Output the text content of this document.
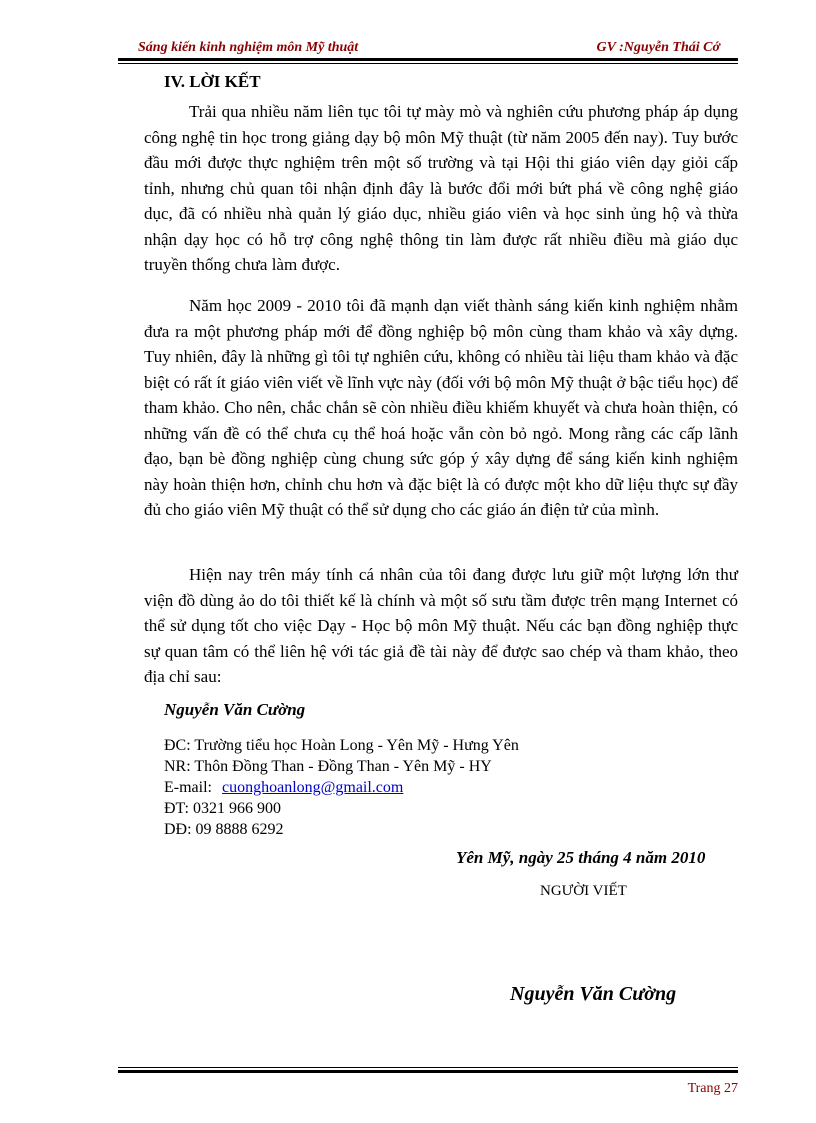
Sáng kiến kinh nghiệm môn Mỹ thuật	GV :Nguyễn Thái Cớ
IV. LỜI KẾT

Trải qua nhiều năm liên tục tôi tự mày mò và nghiên cứu phương pháp áp dụng công nghệ tin học trong giảng dạy bộ môn Mỹ thuật (từ năm 2005 đến nay). Tuy bước đầu mới được thực nghiệm trên một số trường và tại Hội thi giáo viên dạy giỏi cấp tỉnh, nhưng chủ quan tôi nhận định đây là bước đổi mới bứt phá về công nghệ giáo dục, đã có nhiều nhà quản lý giáo dục, nhiều giáo viên và học sinh ủng hộ và thừa nhận dạy học có hỗ trợ công nghệ thông tin làm được rất nhiều điều mà giáo dục truyền thống chưa làm được.

Năm học 2009 - 2010 tôi đã mạnh dạn viết thành sáng kiến kinh nghiệm nhằm đưa ra một phương pháp mới để đồng nghiệp bộ môn cùng tham khảo và xây dựng. Tuy nhiên, đây là những gì tôi tự nghiên cứu, không có nhiều tài liệu tham khảo và đặc biệt có rất ít giáo viên viết về lĩnh vực này (đối với bộ môn Mỹ thuật ở bậc tiểu học) để tham khảo. Cho nên, chắc chắn sẽ còn nhiều điều khiếm khuyết và chưa hoàn thiện, có những vấn đề có thể chưa cụ thể hoá hoặc vẫn còn bỏ ngỏ. Mong rằng các cấp lãnh đạo, bạn bè đồng nghiệp cùng chung sức góp ý xây dựng để sáng kiến kinh nghiệm này hoàn thiện hơn, chỉnh chu hơn và đặc biệt là có được một kho dữ liệu thực sự đầy đủ cho giáo viên Mỹ thuật có thể sử dụng cho các giáo án điện tử của mình.

Hiện nay trên máy tính cá nhân của tôi đang được lưu giữ một lượng lớn thư viện đồ dùng ảo do tôi thiết kế là chính và một số sưu tầm được trên mạng Internet có thể sử dụng tốt cho việc Dạy - Học bộ môn Mỹ thuật. Nếu các bạn đồng nghiệp thực sự quan tâm có thể liên hệ với tác giả đề tài này để được sao chép và tham khảo, theo địa chỉ sau:

Nguyễn Văn Cường
ĐC: Trường tiểu học Hoàn Long - Yên Mỹ - Hưng Yên
NR: Thôn Đồng Than - Đồng Than - Yên Mỹ - HY
E-mail: cuonghoanlong@gmail.com
ĐT: 0321 966 900
DĐ: 09 8888 6292
Yên Mỹ, ngày 25 tháng 4 năm 2010
NGƯỜI VIẾT
Nguyễn Văn Cường
Trang 27
